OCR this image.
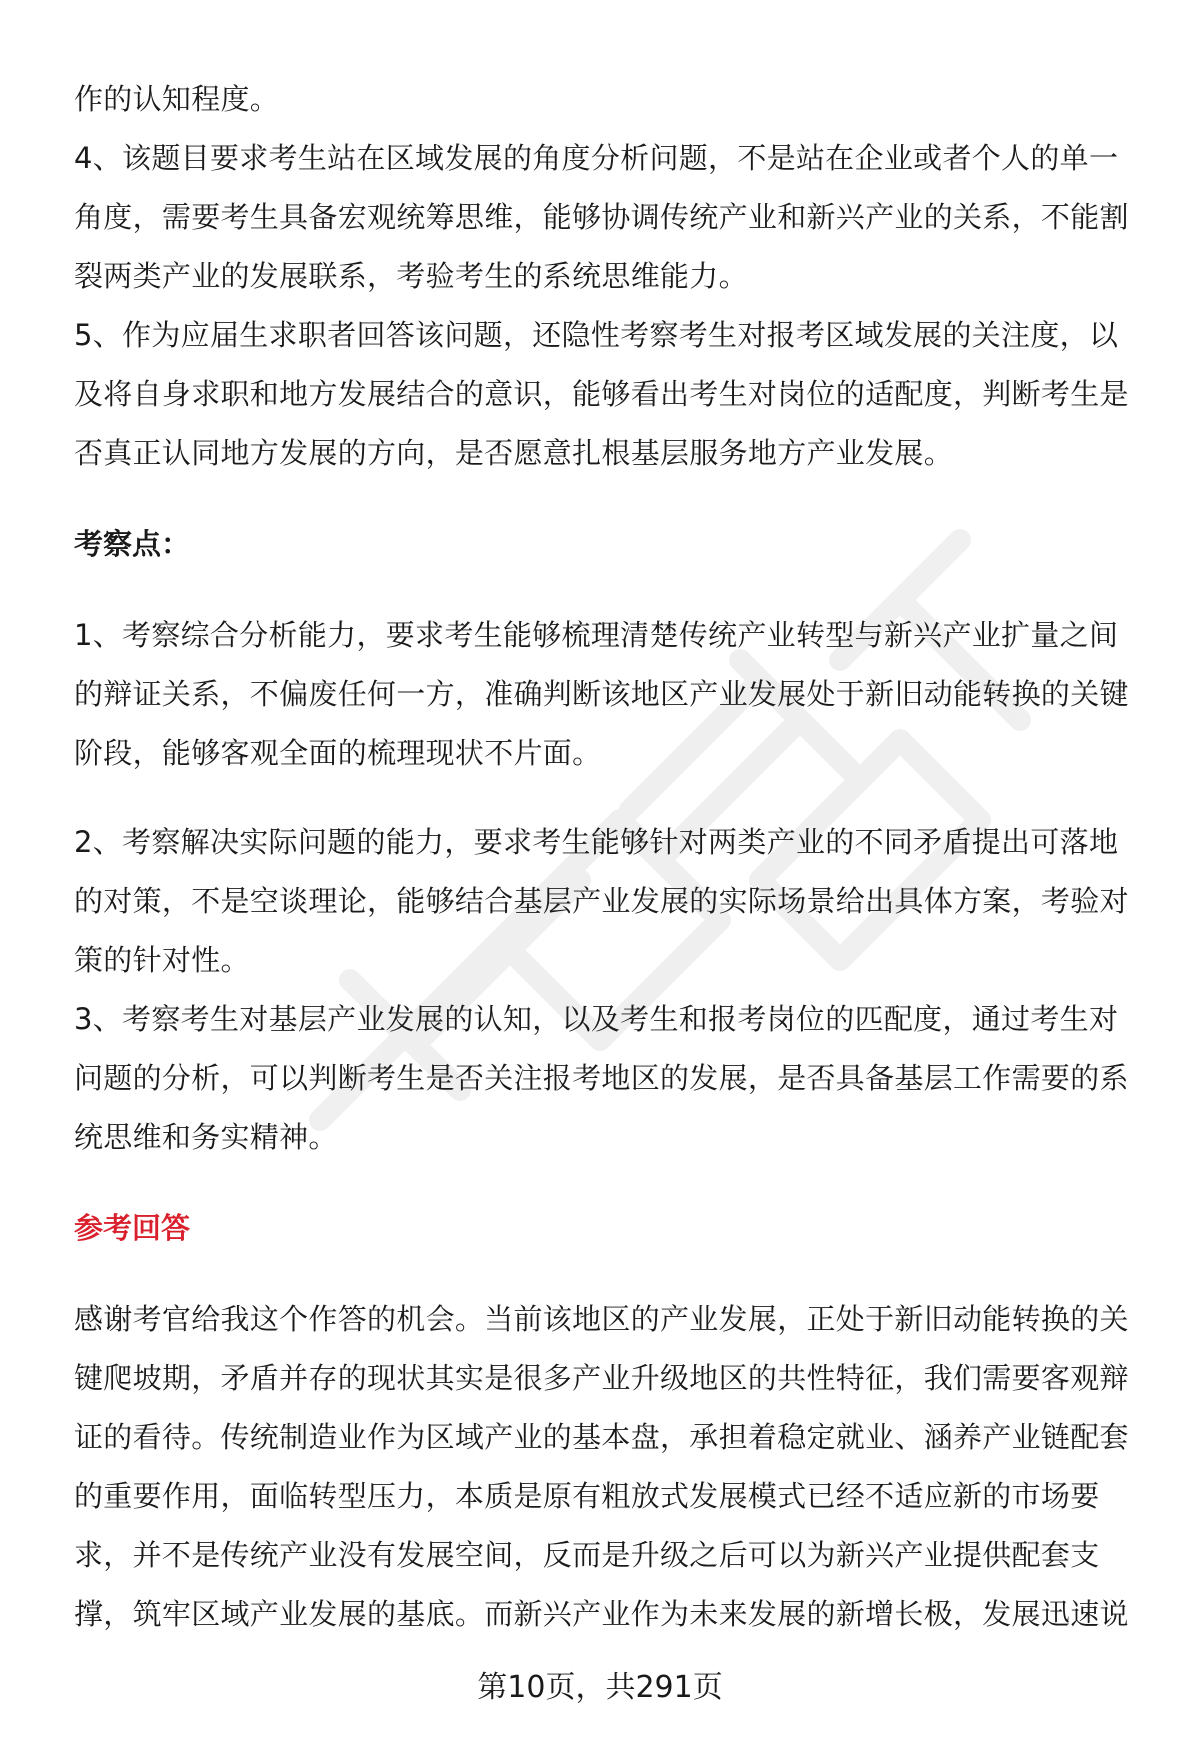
作的认知程度。

4、该题目要求考生站在区域发展的角度分析问题，不是站在企业或者个人的单一角度，需要考生具备宏观统筹思维，能够协调传统产业和新兴产业的关系，不能割裂两类产业的发展联系，考验考生的系统思维能力。

5、作为应届生求职者回答该问题，还隐性考察考生对报考区域发展的关注度，以及将自身求职和地方发展结合的意识，能够看出考生对岗位的适配度，判断考生是否真正认同地方发展的方向，是否愿意扎根基层服务地方产业发展。

考察点：

1、考察综合分析能力，要求考生能够梳理清楚传统产业转型与新兴产业扩量之间的辩证关系，不偏废任何一方，准确判断该地区产业发展处于新旧动能转换的关键阶段，能够客观全面的梳理现状不片面。

2、考察解决实际问题的能力，要求考生能够针对两类产业的不同矛盾提出可落地的对策，不是空谈理论，能够结合基层产业发展的实际场景给出具体方案，考验对策的针对性。

3、考察考生对基层产业发展的认知，以及考生和报考岗位的匹配度，通过考生对问题的分析，可以判断考生是否关注报考地区的发展，是否具备基层工作需要的系统思维和务实精神。

参考回答

感谢考官给我这个作答的机会。当前该地区的产业发展，正处于新旧动能转换的关键爬坡期，矛盾并存的现状其实是很多产业升级地区的共性特征，我们需要客观辩证的看待。传统制造业作为区域产业的基本盘，承担着稳定就业、涵养产业链配套的重要作用，面临转型压力，本质是原有粗放式发展模式已经不适应新的市场要求，并不是传统产业没有发展空间，反而是升级之后可以为新兴产业提供配套支撑，筑牢区域产业发展的基底。而新兴产业作为未来发展的新增长极，发展迅速说

第10页，共291页
